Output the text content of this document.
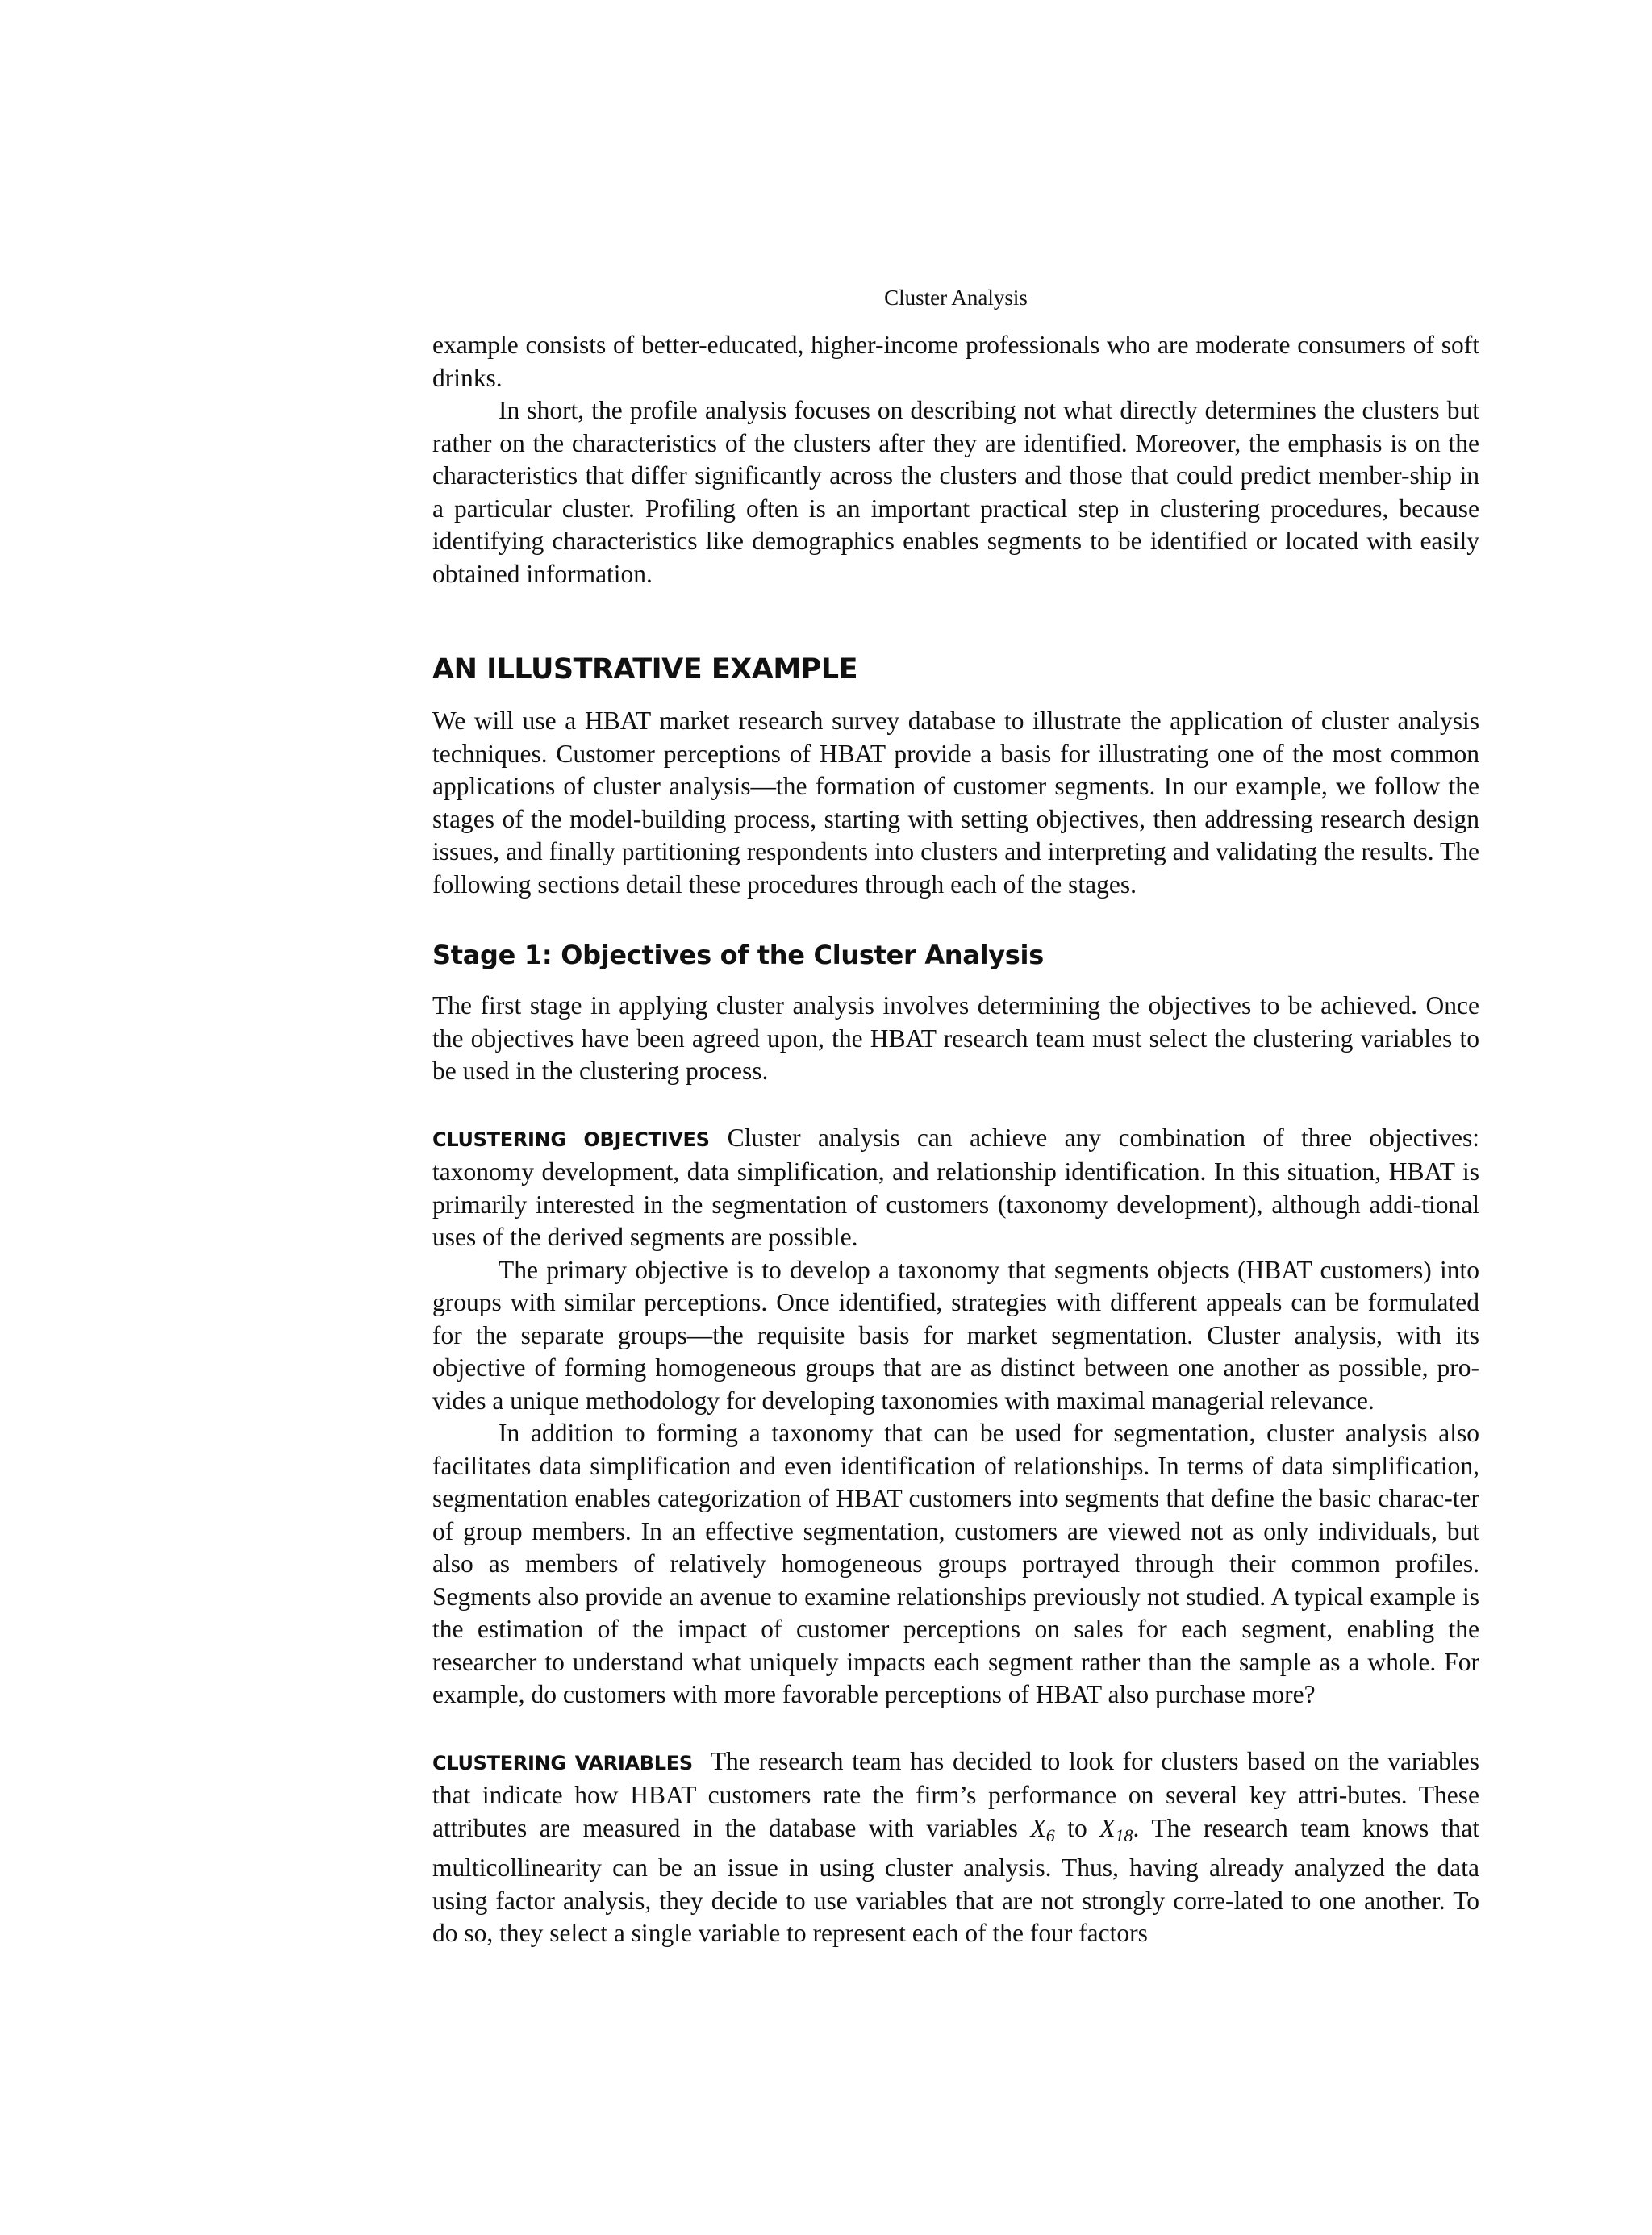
Cluster Analysis

example consists of better-educated, higher-income professionals who are moderate consumers of soft drinks.

In short, the profile analysis focuses on describing not what directly determines the clusters but rather on the characteristics of the clusters after they are identified. Moreover, the emphasis is on the characteristics that differ significantly across the clusters and those that could predict member-ship in a particular cluster. Profiling often is an important practical step in clustering procedures, because identifying characteristics like demographics enables segments to be identified or located with easily obtained information.

AN ILLUSTRATIVE EXAMPLE

We will use a HBAT market research survey database to illustrate the application of cluster analysis techniques. Customer perceptions of HBAT provide a basis for illustrating one of the most common applications of cluster analysis—the formation of customer segments. In our example, we follow the stages of the model-building process, starting with setting objectives, then addressing research design issues, and finally partitioning respondents into clusters and interpreting and validating the results. The following sections detail these procedures through each of the stages.

Stage 1: Objectives of the Cluster Analysis

The first stage in applying cluster analysis involves determining the objectives to be achieved. Once the objectives have been agreed upon, the HBAT research team must select the clustering variables to be used in the clustering process.

CLUSTERING OBJECTIVES Cluster analysis can achieve any combination of three objectives: taxonomy development, data simplification, and relationship identification. In this situation, HBAT is primarily interested in the segmentation of customers (taxonomy development), although addi-tional uses of the derived segments are possible.

The primary objective is to develop a taxonomy that segments objects (HBAT customers) into groups with similar perceptions. Once identified, strategies with different appeals can be formulated for the separate groups—the requisite basis for market segmentation. Cluster analysis, with its objective of forming homogeneous groups that are as distinct between one another as possible, pro-vides a unique methodology for developing taxonomies with maximal managerial relevance.

In addition to forming a taxonomy that can be used for segmentation, cluster analysis also facilitates data simplification and even identification of relationships. In terms of data simplification, segmentation enables categorization of HBAT customers into segments that define the basic charac-ter of group members. In an effective segmentation, customers are viewed not as only individuals, but also as members of relatively homogeneous groups portrayed through their common profiles. Segments also provide an avenue to examine relationships previously not studied. A typical example is the estimation of the impact of customer perceptions on sales for each segment, enabling the researcher to understand what uniquely impacts each segment rather than the sample as a whole. For example, do customers with more favorable perceptions of HBAT also purchase more?

CLUSTERING VARIABLES The research team has decided to look for clusters based on the variables that indicate how HBAT customers rate the firm’s performance on several key attri-butes. These attributes are measured in the database with variables $X_6$ to $X_{18}$. The research team knows that multicollinearity can be an issue in using cluster analysis. Thus, having already analyzed the data using factor analysis, they decide to use variables that are not strongly corre-lated to one another. To do so, they select a single variable to represent each of the four factors
